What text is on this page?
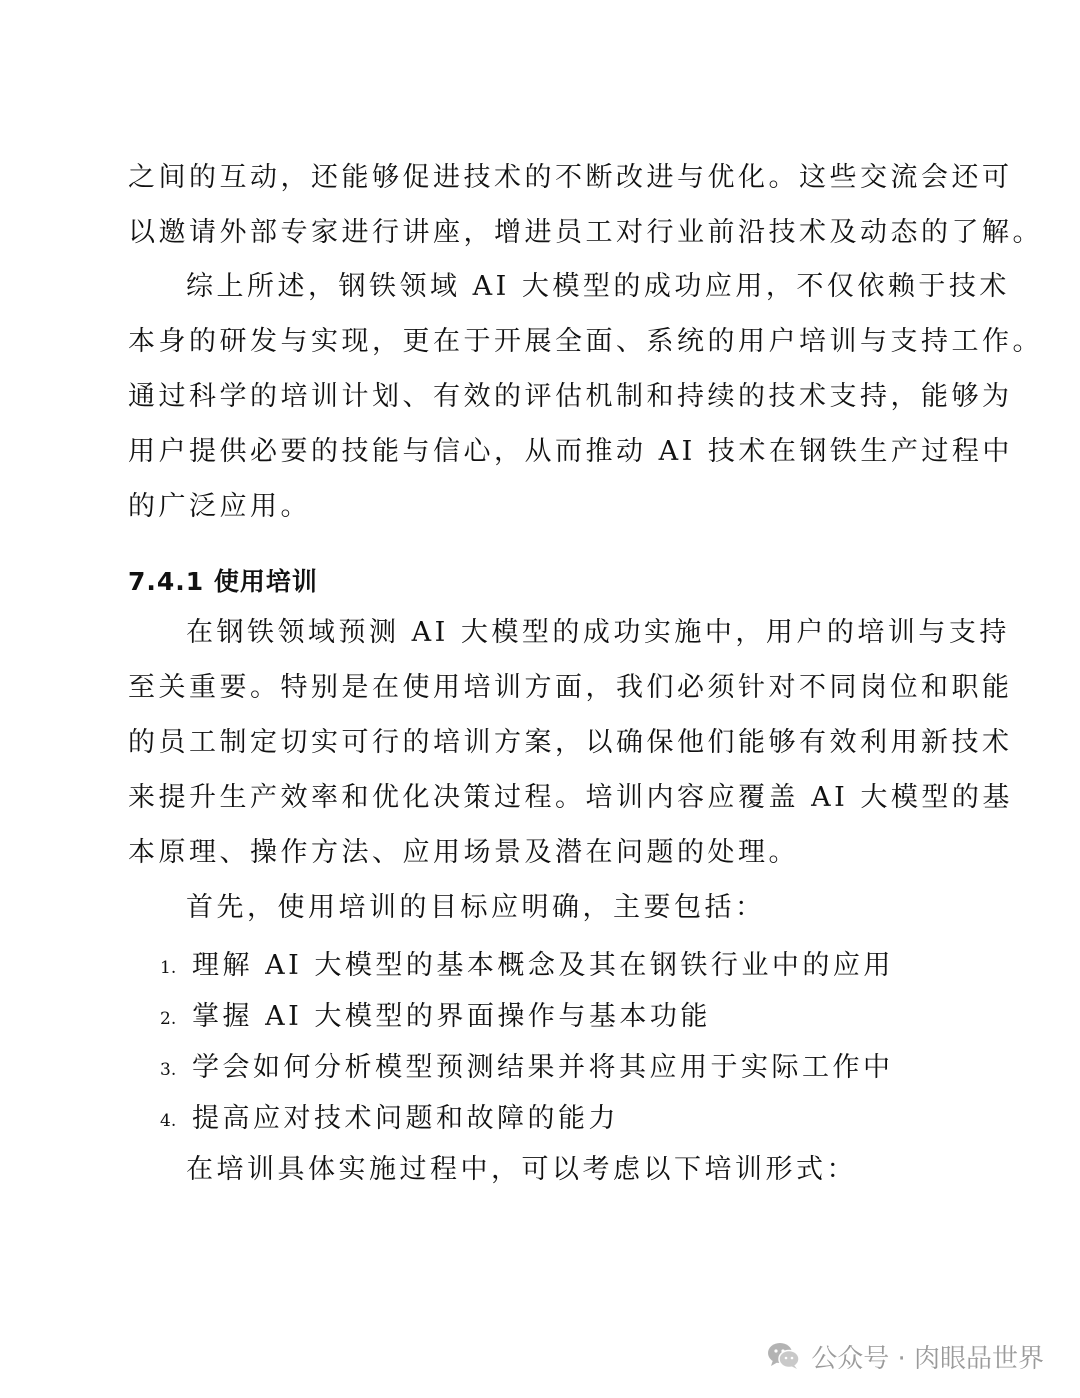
之间的互动，还能够促进技术的不断改进与优化。这些交流会还可
以邀请外部专家进行讲座，增进员工对行业前沿技术及动态的了解。
综上所述，钢铁领域 AI 大模型的成功应用，不仅依赖于技术
本身的研发与实现，更在于开展全面、系统的用户培训与支持工作。
通过科学的培训计划、有效的评估机制和持续的技术支持，能够为
用户提供必要的技能与信心，从而推动 AI 技术在钢铁生产过程中
的广泛应用。
7.4.1 使用培训
在钢铁领域预测 AI 大模型的成功实施中，用户的培训与支持
至关重要。特别是在使用培训方面，我们必须针对不同岗位和职能
的员工制定切实可行的培训方案，以确保他们能够有效利用新技术
来提升生产效率和优化决策过程。培训内容应覆盖 AI 大模型的基
本原理、操作方法、应用场景及潜在问题的处理。
首先，使用培训的目标应明确，主要包括：
1. 理解 AI 大模型的基本概念及其在钢铁行业中的应用
2. 掌握 AI 大模型的界面操作与基本功能
3. 学会如何分析模型预测结果并将其应用于实际工作中
4. 提高应对技术问题和故障的能力
在培训具体实施过程中，可以考虑以下培训形式：
公众号 · 肉眼品世界
